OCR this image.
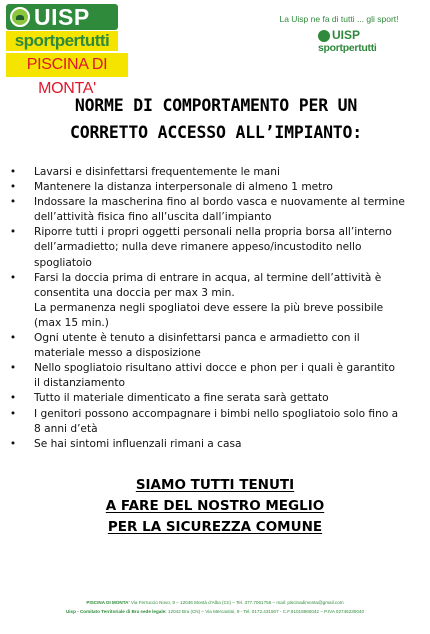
UISP
sportpertutti
PISCINA DI MONTA'
La Uisp ne fa di tutti ... gli sport!
UISP
sportpertutti
NORME DI COMPORTAMENTO PER UN
CORRETTO ACCESSO ALL’IMPIANTO:
• Lavarsi e disinfettarsi frequentemente le mani
• Mantenere la distanza interpersonale di almeno 1 metro
• Indossare la mascherina fino al bordo vasca e nuovamente al termine
dell’attività fisica fino all’uscita dall’impianto
• Riporre tutti i propri oggetti personali nella propria borsa all’interno
dell’armadietto; nulla deve rimanere appeso/incustodito nello
spogliatoio
• Farsi la doccia prima di entrare in acqua, al termine dell’attività è
consentita una doccia per max 3 min.
La permanenza negli spogliatoi deve essere la più breve possibile
(max 15 min.)
• Ogni utente è tenuto a disinfettarsi panca e armadietto con il
materiale messo a disposizione
• Nello spogliatoio risultano attivi docce e phon per i quali è garantito
il distanziamento
• Tutto il materiale dimenticato a fine serata sarà gettato
• I genitori possono accompagnare i bimbi nello spogliatoio solo fino a
8 anni d’età
• Se hai sintomi influenzali rimani a casa
SIAMO TUTTI TENUTI
A FARE DEL NOSTRO MEGLIO
PER LA SICUREZZA COMUNE
PISCINA DI MONTA' Via Ferruccio Novo, 9 – 12046 Montà d'Alba (Cn) – Tel. 377.7061756 – mail: piscinadimonta@gmail.com
Uisp - Comitato Territoriale di Bra sede legale: 12042 Bra (CN) – Via Mercantini, 9 - Tel. 0172.431507 - C.F.91018860042 – P.IVA 02746230040
